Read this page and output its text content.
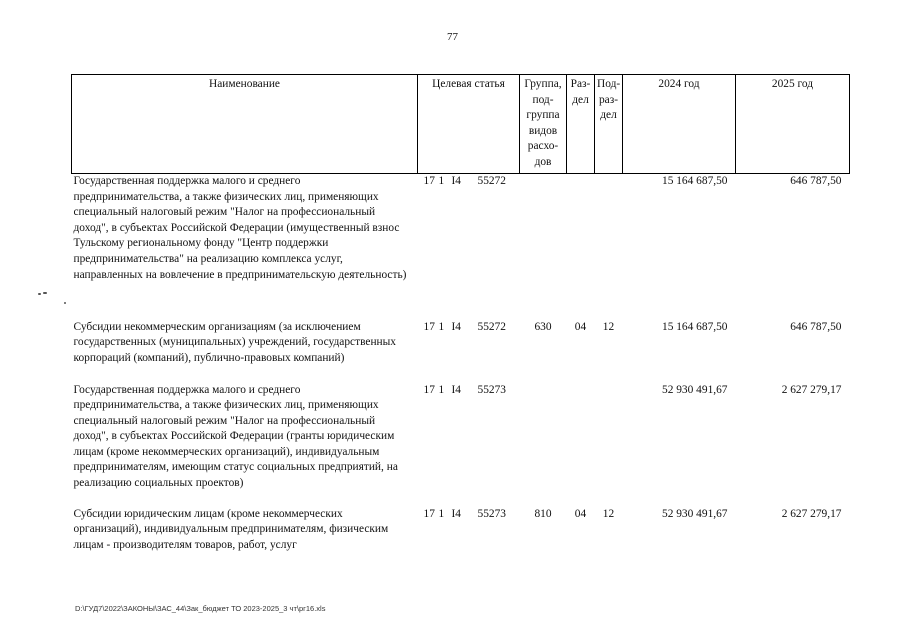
77
Наименование	Целевая статья	Группа, под-группа видов расхо-дов	Раз-дел	Под-раз-дел	2024 год	2025 год
Государственная поддержка малого и среднего предпринимательства, а также физических лиц, применяющих специальный налоговый режим "Налог на профессиональный доход", в субъектах Российской Федерации (имущественный взнос Тульскому региональному фонду "Центр поддержки предпринимательства" на реализацию комплекса услуг, направленных на вовлечение в предпринимательскую деятельность)	17 1 I4 55272				15 164 687,50	646 787,50
Субсидии некоммерческим организациям (за исключением государственных (муниципальных) учреждений, государственных корпораций (компаний), публично-правовых компаний)	17 1 I4 55272	630	04	12	15 164 687,50	646 787,50
Государственная поддержка малого и среднего предпринимательства, а также физических лиц, применяющих специальный налоговый режим "Налог на профессиональный доход", в субъектах Российской Федерации (гранты юридическим лицам (кроме некоммерческих организаций), индивидуальным предпринимателям, имеющим статус социальных предприятий, на реализацию социальных проектов)	17 1 I4 55273				52 930 491,67	2 627 279,17
Субсидии юридическим лицам (кроме некоммерческих организаций), индивидуальным предпринимателям, физическим лицам - производителям товаров, работ, услуг	17 1 I4 55273	810	04	12	52 930 491,67	2 627 279,17
D:\ГУД7\2022\ЗАКОНЫ\ЗАС_44\Зак_бюджет ТО 2023-2025_3 чт\рг16.xls
